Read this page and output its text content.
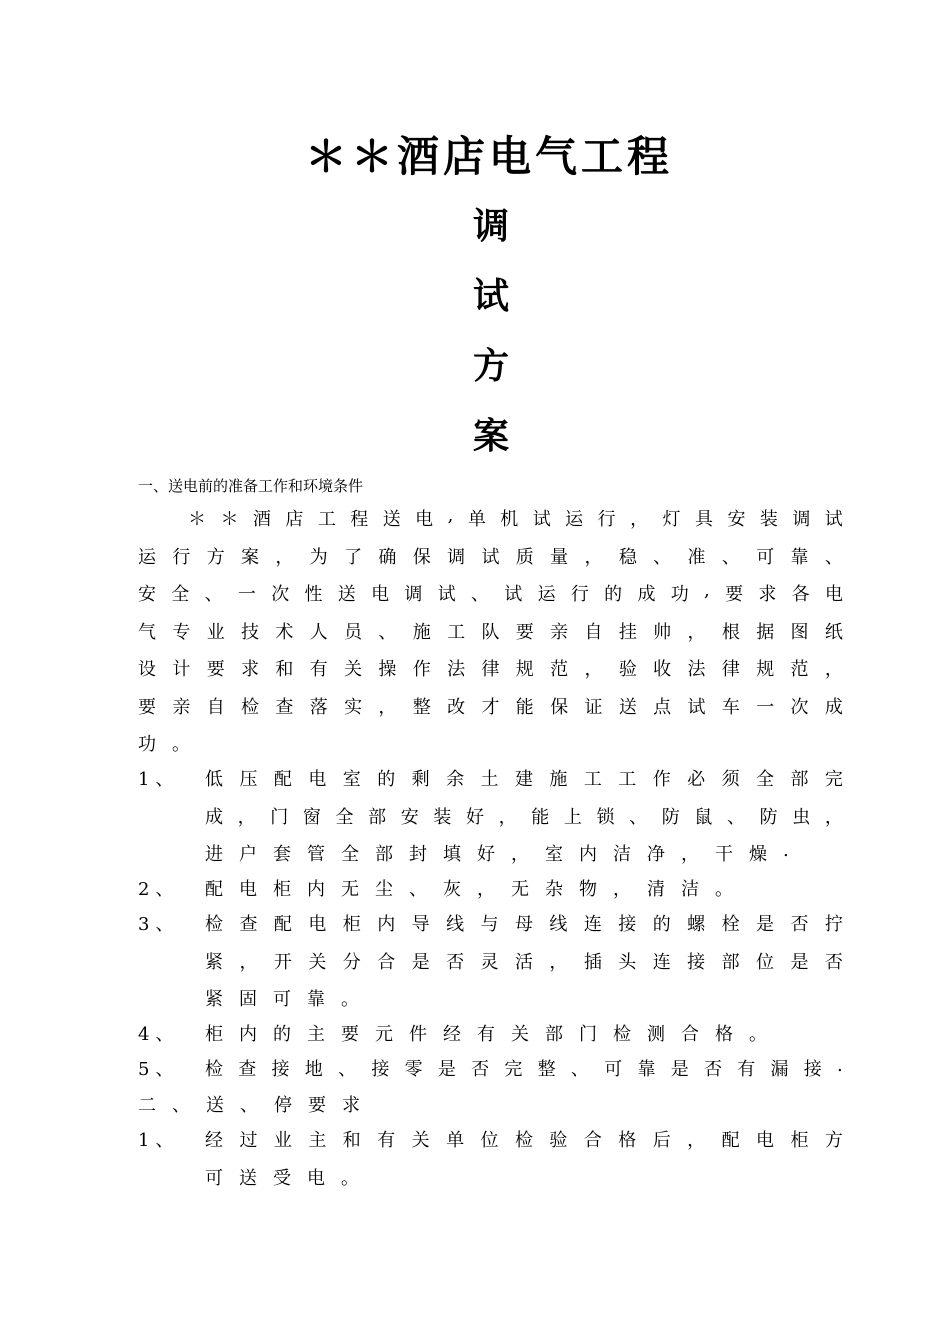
＊＊酒店电气工程
调
试
方
案
一、送电前的准备工作和环境条件
＊ ＊ 酒 店 工 程 送 电 , 单 机 试 运 行 ， 灯 具 安 装 调 试
运 行 方 案 ， 为 了 确 保 调 试 质 量 ， 稳 、 准 、 可 靠 、
安 全 、 一 次 性 送 电 调 试 、 试 运 行 的 成 功 , 要 求 各 电
气 专 业 技 术 人 员 、 施 工 队 要 亲 自 挂 帅 ， 根 据 图 纸
设 计 要 求 和 有 关 操 作 法 律 规 范 ， 验 收 法 律 规 范 ，
要 亲 自 检 查 落 实 ， 整 改 才 能 保 证 送 点 试 车 一 次 成
功 。
1、 低 压 配 电 室 的 剩 余 土 建 施 工 工 作 必 须 全 部 完
成 ， 门 窗 全 部 安 装 好 ， 能 上 锁 、 防 鼠 、 防 虫 ，
进 户 套 管 全 部 封 填 好 ， 室 内 洁 净 ， 干 燥 .
2、 配 电 柜 内 无 尘 、 灰 ， 无 杂 物 ， 清 洁 。
3、 检 查 配 电 柜 内 导 线 与 母 线 连 接 的 螺 栓 是 否 拧
紧 ， 开 关 分 合 是 否 灵 活 ， 插 头 连 接 部 位 是 否
紧 固 可 靠 。
4、 柜 内 的 主 要 元 件 经 有 关 部 门 检 测 合 格 。
5、 检 查 接 地 、 接 零 是 否 完 整 、 可 靠 是 否 有 漏 接 .
二、送、停要求
1、 经 过 业 主 和 有 关 单 位 检 验 合 格 后 ， 配 电 柜 方
可 送 受 电 。
